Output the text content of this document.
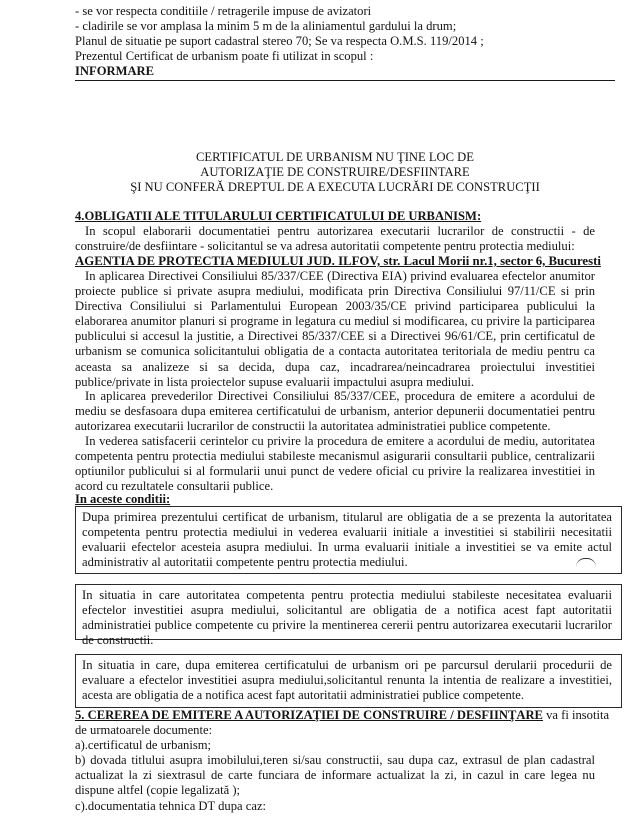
- se vor respecta conditiile / retragerile impuse de avizatori
- cladirile se vor amplasa la minim 5 m de la aliniamentul gardului la drum;
Planul de situatie pe suport cadastral stereo 70; Se va respecta O.M.S. 119/2014 ;
Prezentul Certificat de urbanism poate fi utilizat in scopul :
INFORMARE
CERTIFICATUL DE URBANISM NU ŢINE LOC DE
AUTORIZAŢIE DE CONSTRUIRE/DESFIINTARE
ŞI NU CONFERĂ DREPTUL DE A EXECUTA LUCRĂRI DE CONSTRUCŢII
4.OBLIGATII ALE TITULARULUI CERTIFICATULUI DE URBANISM:
In scopul elaborarii documentatiei pentru autorizarea executarii lucrarilor de constructii - de construire/de desfiintare - solicitantul se va adresa autoritatii competente pentru protectia mediului:
AGENTIA DE PROTECTIA MEDIULUI JUD. ILFOV, str. Lacul Morii nr.1, sector 6, Bucuresti
In aplicarea Directivei Consiliului 85/337/CEE (Directiva EIA) privind evaluarea efectelor anumitor proiecte publice si private asupra mediului, modificata prin Directiva Consiliului 97/11/CE si prin Directiva Consiliului si Parlamentului European 2003/35/CE privind participarea publicului la elaborarea anumitor planuri si programe in legatura cu mediul si modificarea, cu privire la participarea publicului si accesul la justitie, a Directivei 85/337/CEE si a Directivei 96/61/CE, prin certificatul de urbanism se comunica solicitantului obligatia de a contacta autoritatea teritoriala de mediu pentru ca aceasta sa analizeze si sa decida, dupa caz, incadrarea/neincadrarea proiectului investitiei publice/private in lista proiectelor supuse evaluarii impactului asupra mediului.
In aplicarea prevederilor Directivei Consiliului 85/337/CEE, procedura de emitere a acordului de mediu se desfasoara dupa emiterea certificatului de urbanism, anterior depunerii documentatiei pentru autorizarea executarii lucrarilor de constructii la autoritatea administratiei publice competente.
In vederea satisfacerii cerintelor cu privire la procedura de emitere a acordului de mediu, autoritatea competenta pentru protectia mediului stabileste mecanismul asigurarii consultarii publice, centralizarii optiunilor publicului si al formularii unui punct de vedere oficial cu privire la realizarea investitiei in acord cu rezultatele consultarii publice.
In aceste conditii:
Dupa primirea prezentului certificat de urbanism, titularul are obligatia de a se prezenta la autoritatea competenta pentru protectia mediului in vederea evaluarii initiale a investitiei si stabilirii necesitatii evaluarii efectelor acesteia asupra mediului. In urma evaluarii initiale a investitiei se va emite actul administrativ al autoritatii competente pentru protectia mediului.
In situatia in care autoritatea competenta pentru protectia mediului stabileste necesitatea evaluarii efectelor investitiei asupra mediului, solicitantul are obligatia de a notifica acest fapt autoritatii administratiei publice competente cu privire la mentinerea cererii pentru autorizarea executarii lucrarilor de constructii.
In situatia in care, dupa emiterea certificatului de urbanism ori pe parcursul derularii procedurii de evaluare a efectelor investitiei asupra mediului,solicitantul renunta la intentia de realizare a investitiei, acesta are obligatia de a notifica acest fapt autoritatii administratiei publice competente.
5. CEREREA DE EMITERE A AUTORIZAŢIEI DE CONSTRUIRE / DESFIINŢARE va fi insotita
de urmatoarele documente:
a).certificatul de urbanism;
b) dovada titlului asupra imobilului,teren si/sau constructii, sau dupa caz, extrasul de plan cadastral actualizat la zi siextrasul de carte funciara de informare actualizat la zi, in cazul in care legea nu dispune altfel (copie legalizată );
c).documentatia tehnica DT dupa caz:
